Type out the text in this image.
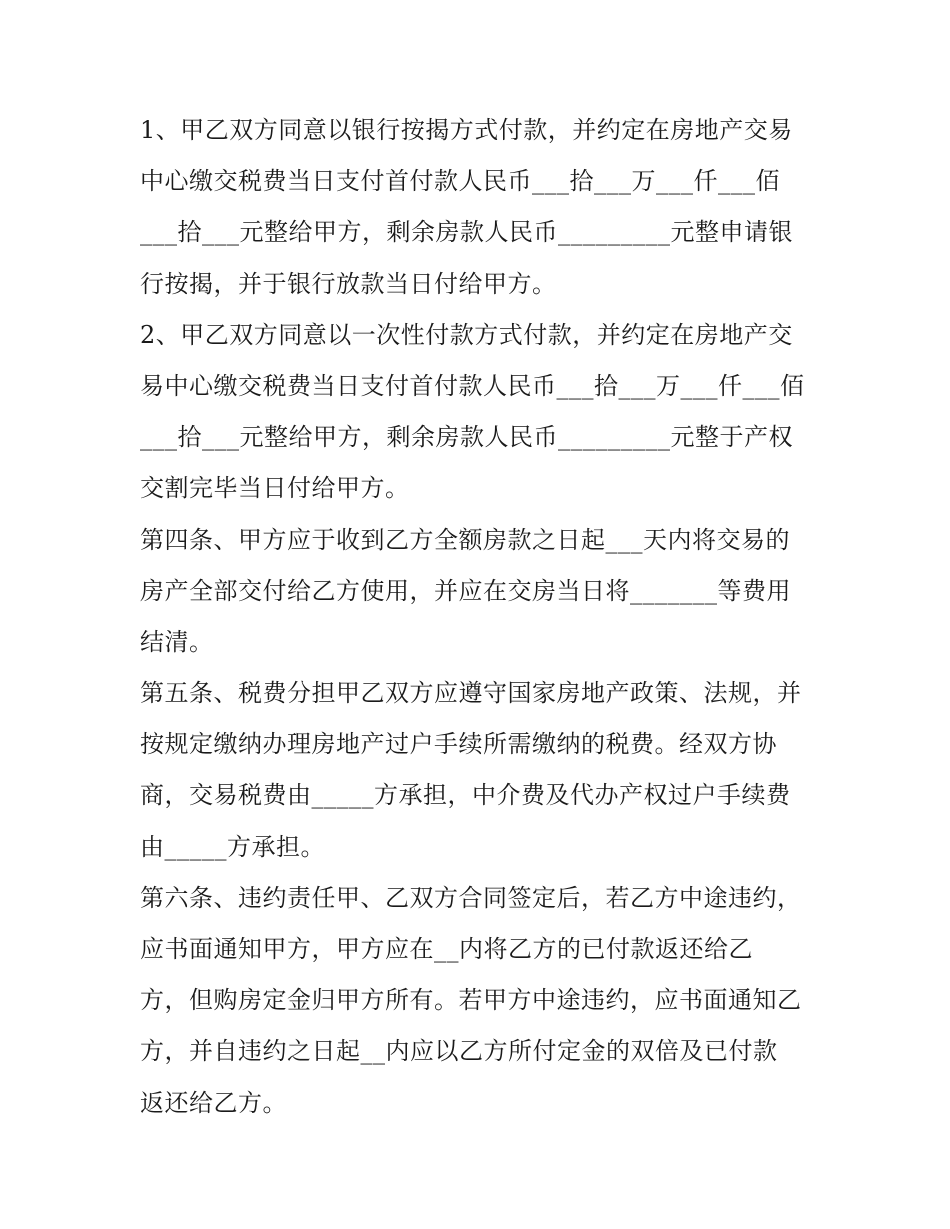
1、甲乙双方同意以银行按揭方式付款，并约定在房地产交易
中心缴交税费当日支付首付款人民币___拾___万___仟___佰
___拾___元整给甲方，剩余房款人民币_________元整申请银
行按揭，并于银行放款当日付给甲方。
2、甲乙双方同意以一次性付款方式付款，并约定在房地产交
易中心缴交税费当日支付首付款人民币___拾___万___仟___佰
___拾___元整给甲方，剩余房款人民币_________元整于产权
交割完毕当日付给甲方。
第四条、甲方应于收到乙方全额房款之日起___天内将交易的
房产全部交付给乙方使用，并应在交房当日将_______等费用
结清。
第五条、税费分担甲乙双方应遵守国家房地产政策、法规，并
按规定缴纳办理房地产过户手续所需缴纳的税费。经双方协
商，交易税费由_____方承担，中介费及代办产权过户手续费
由_____方承担。
第六条、违约责任甲、乙双方合同签定后，若乙方中途违约，
应书面通知甲方，甲方应在__内将乙方的已付款返还给乙
方，但购房定金归甲方所有。若甲方中途违约，应书面通知乙
方，并自违约之日起__内应以乙方所付定金的双倍及已付款
返还给乙方。
